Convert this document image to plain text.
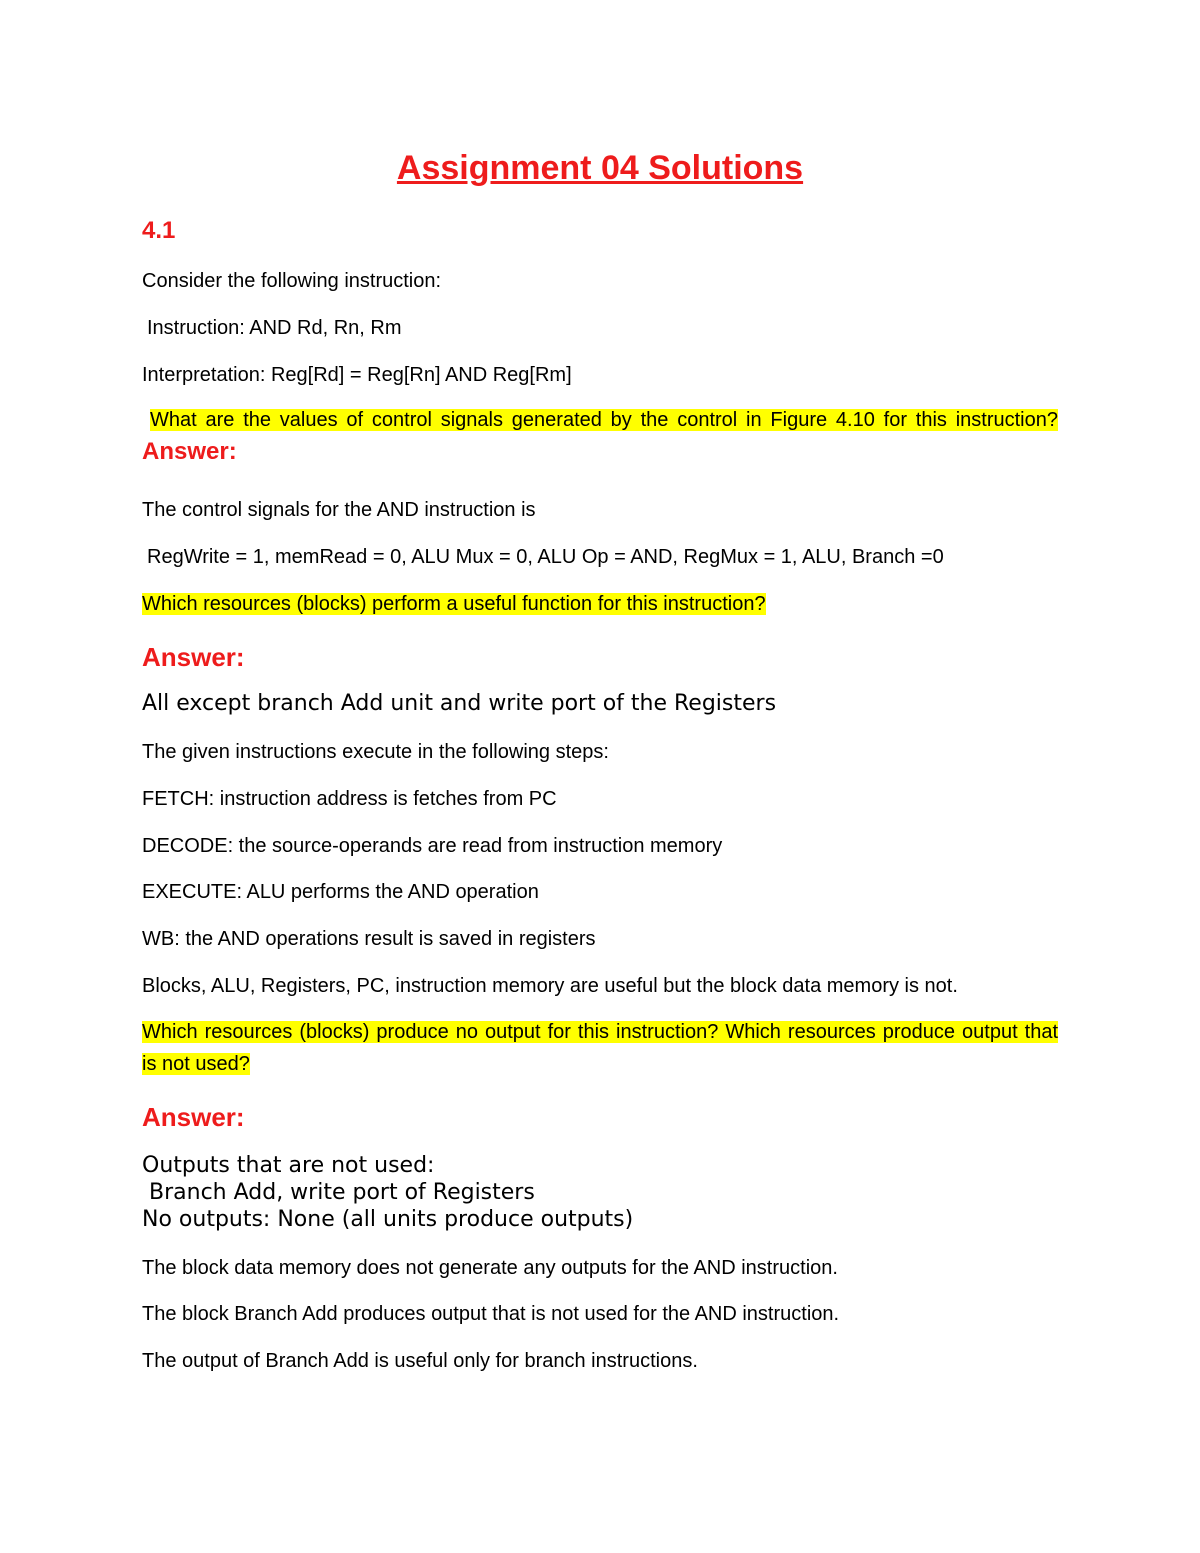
Assignment 04 Solutions
4.1
Consider the following instruction:
Instruction: AND Rd, Rn, Rm
Interpretation: Reg[Rd] = Reg[Rn] AND Reg[Rm]
What are the values of control signals generated by the control in Figure 4.10 for this instruction? Answer:
The control signals for the AND instruction is
RegWrite = 1, memRead = 0, ALU Mux = 0, ALU Op = AND, RegMux = 1, ALU, Branch =0
Which resources (blocks) perform a useful function for this instruction?
Answer:
All except branch Add unit and write port of the Registers
The given instructions execute in the following steps:
FETCH: instruction address is fetches from PC
DECODE: the source-operands are read from instruction memory
EXECUTE: ALU performs the AND operation
WB: the AND operations result is saved in registers
Blocks, ALU, Registers, PC, instruction memory are useful but the block data memory is not.
Which resources (blocks) produce no output for this instruction? Which resources produce output that is not used?
Answer:
Outputs that are not used:
Branch Add, write port of Registers
No outputs: None (all units produce outputs)
The block data memory does not generate any outputs for the AND instruction.
The block Branch Add produces output that is not used for the AND instruction.
The output of Branch Add is useful only for branch instructions.
